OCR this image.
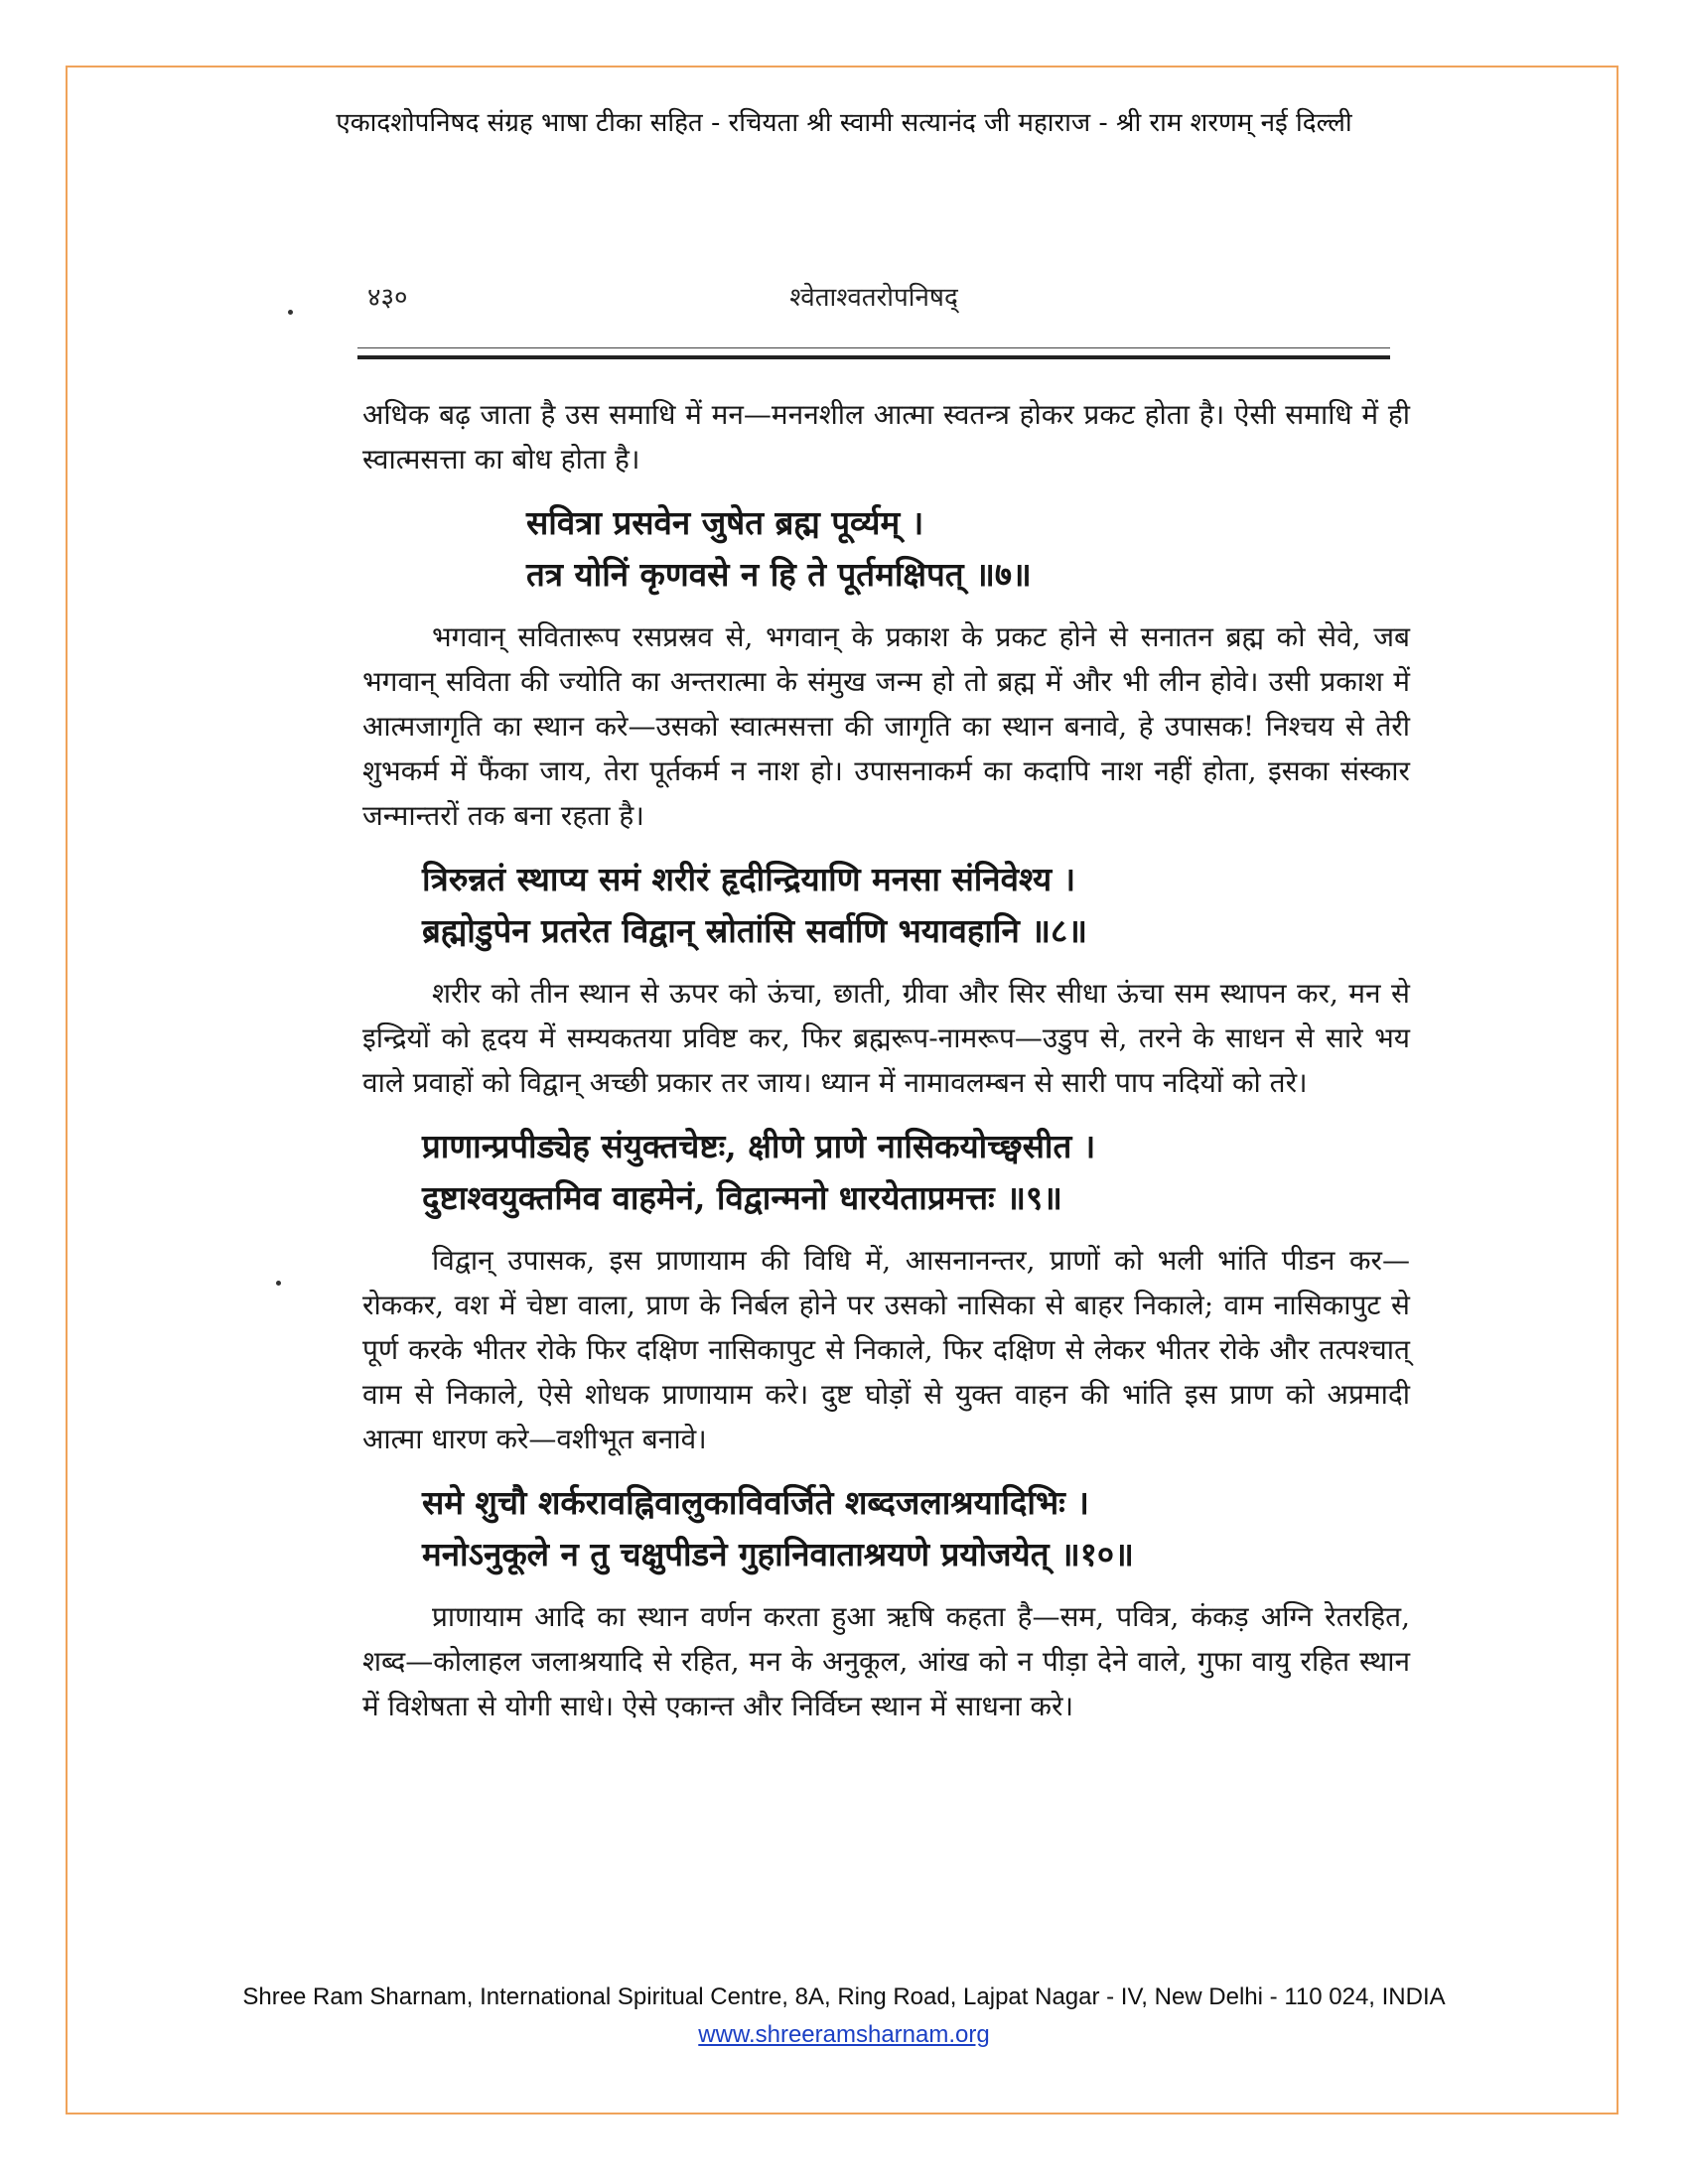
एकादशोपनिषद संग्रह भाषा टीका सहित - रचियता श्री स्वामी सत्यानंद जी महाराज - श्री राम शरणम् नई दिल्ली
४३०	श्वेताश्वतरोपनिषद्

अधिक बढ़ जाता है उस समाधि में मन—मननशील आत्मा स्वतन्त्र होकर प्रकट होता है। ऐसी समाधि में ही स्वात्मसत्ता का बोध होता है।

सवित्रा प्रसवेन जुषेत ब्रह्म पूर्व्यम् ।
तत्र योनिं कृणवसे न हि ते पूर्तमक्षिपत् ॥७॥

भगवान् सवितारूप रसप्रस्रव से, भगवान् के प्रकाश के प्रकट होने से सनातन ब्रह्म को सेवे, जब भगवान् सविता की ज्योति का अन्तरात्मा के संमुख जन्म हो तो ब्रह्म में और भी लीन होवे। उसी प्रकाश में आत्मजागृति का स्थान करे—उसको स्वात्मसत्ता की जागृति का स्थान बनावे, हे उपासक! निश्चय से तेरी शुभकर्म में फैंका जाय, तेरा पूर्तकर्म न नाश हो। उपासनाकर्म का कदापि नाश नहीं होता, इसका संस्कार जन्मान्तरों तक बना रहता है।

त्रिरुन्नतं स्थाप्य समं शरीरं हृदीन्द्रियाणि मनसा संनिवेश्य ।
ब्रह्मोडुपेन प्रतरेत विद्वान् स्रोतांसि सर्वाणि भयावहानि ॥८॥

शरीर को तीन स्थान से ऊपर को ऊंचा, छाती, ग्रीवा और सिर सीधा ऊंचा सम स्थापन कर, मन से इन्द्रियों को हृदय में सम्यकतया प्रविष्ट कर, फिर ब्रह्मरूप-नामरूप—उडुप से, तरने के साधन से सारे भय वाले प्रवाहों को विद्वान् अच्छी प्रकार तर जाय। ध्यान में नामावलम्बन से सारी पाप नदियों को तरे।

प्राणान्प्रपीड्येह संयुक्तचेष्टः, क्षीणे प्राणे नासिकयोच्छ्वसीत ।
दुष्टाश्वयुक्तमिव वाहमेनं, विद्वान्मनो धारयेताप्रमत्तः ॥९॥

विद्वान् उपासक, इस प्राणायाम की विधि में, आसनानन्तर, प्राणों को भली भांति पीडन कर—रोककर, वश में चेष्टा वाला, प्राण के निर्बल होने पर उसको नासिका से बाहर निकाले; वाम नासिकापुट से पूर्ण करके भीतर रोके फिर दक्षिण नासिकापुट से निकाले, फिर दक्षिण से लेकर भीतर रोके और तत्पश्चात् वाम से निकाले, ऐसे शोधक प्राणायाम करे। दुष्ट घोड़ों से युक्त वाहन की भांति इस प्राण को अप्रमादी आत्मा धारण करे—वशीभूत बनावे।

समे शुचौ शर्करावह्निवालुकाविवर्जिते शब्दजलाश्रयादिभिः ।
मनोऽनुकूले न तु चक्षुपीडने गुहानिवाताश्रयणे प्रयोजयेत् ॥१०॥

प्राणायाम आदि का स्थान वर्णन करता हुआ ऋषि कहता है—सम, पवित्र, कंकड़ अग्नि रेतरहित, शब्द—कोलाहल जलाश्रयादि से रहित, मन के अनुकूल, आंख को न पीड़ा देने वाले, गुफा वायु रहित स्थान में विशेषता से योगी साधे। ऐसे एकान्त और निर्विघ्न स्थान में साधना करे।

Shree Ram Sharnam, International Spiritual Centre, 8A, Ring Road, Lajpat Nagar - IV, New Delhi - 110 024, INDIA
www.shreeramsharnam.org
